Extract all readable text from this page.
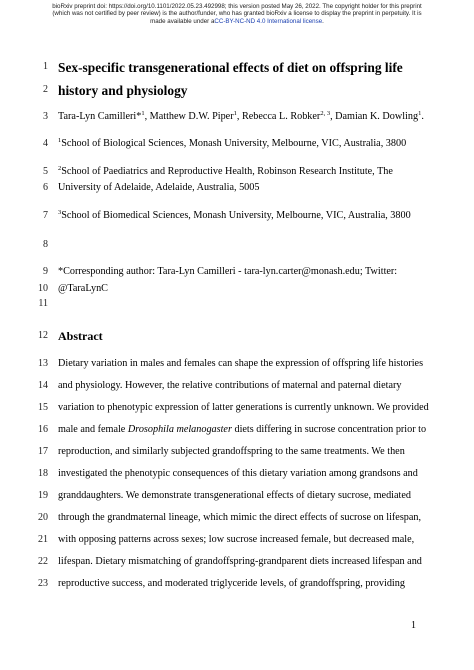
bioRxiv preprint doi: https://doi.org/10.1101/2022.05.23.492998; this version posted May 26, 2022. The copyright holder for this preprint
(which was not certified by peer review) is the author/funder, who has granted bioRxiv a license to display the preprint in perpetuity. It is
made available under aCC-BY-NC-ND 4.0 International license.
1 Sex-specific transgenerational effects of diet on offspring life
2 history and physiology
3 Tara-Lyn Camilleri*$^1$, Matthew D.W. Piper$^1$, Rebecca L. Robker$^{2, 3}$, Damian K. Dowling$^1$.
4 $^1$School of Biological Sciences, Monash University, Melbourne, VIC, Australia, 3800
5 $^2$School of Paediatrics and Reproductive Health, Robinson Research Institute, The
6 University of Adelaide, Adelaide, Australia, 5005
7 $^3$School of Biomedical Sciences, Monash University, Melbourne, VIC, Australia, 3800
8
9 *Corresponding author: Tara-Lyn Camilleri - tara-lyn.carter@monash.edu; Twitter:
10 @TaraLynC
11
12 Abstract
13 Dietary variation in males and females can shape the expression of offspring life histories
14 and physiology. However, the relative contributions of maternal and paternal dietary
15 variation to phenotypic expression of latter generations is currently unknown. We provided
16 male and female Drosophila melanogaster diets differing in sucrose concentration prior to
17 reproduction, and similarly subjected grandoffspring to the same treatments. We then
18 investigated the phenotypic consequences of this dietary variation among grandsons and
19 granddaughters. We demonstrate transgenerational effects of dietary sucrose, mediated
20 through the grandmaternal lineage, which mimic the direct effects of sucrose on lifespan,
21 with opposing patterns across sexes; low sucrose increased female, but decreased male,
22 lifespan. Dietary mismatching of grandoffspring-grandparent diets increased lifespan and
23 reproductive success, and moderated triglyceride levels, of grandoffspring, providing
1
